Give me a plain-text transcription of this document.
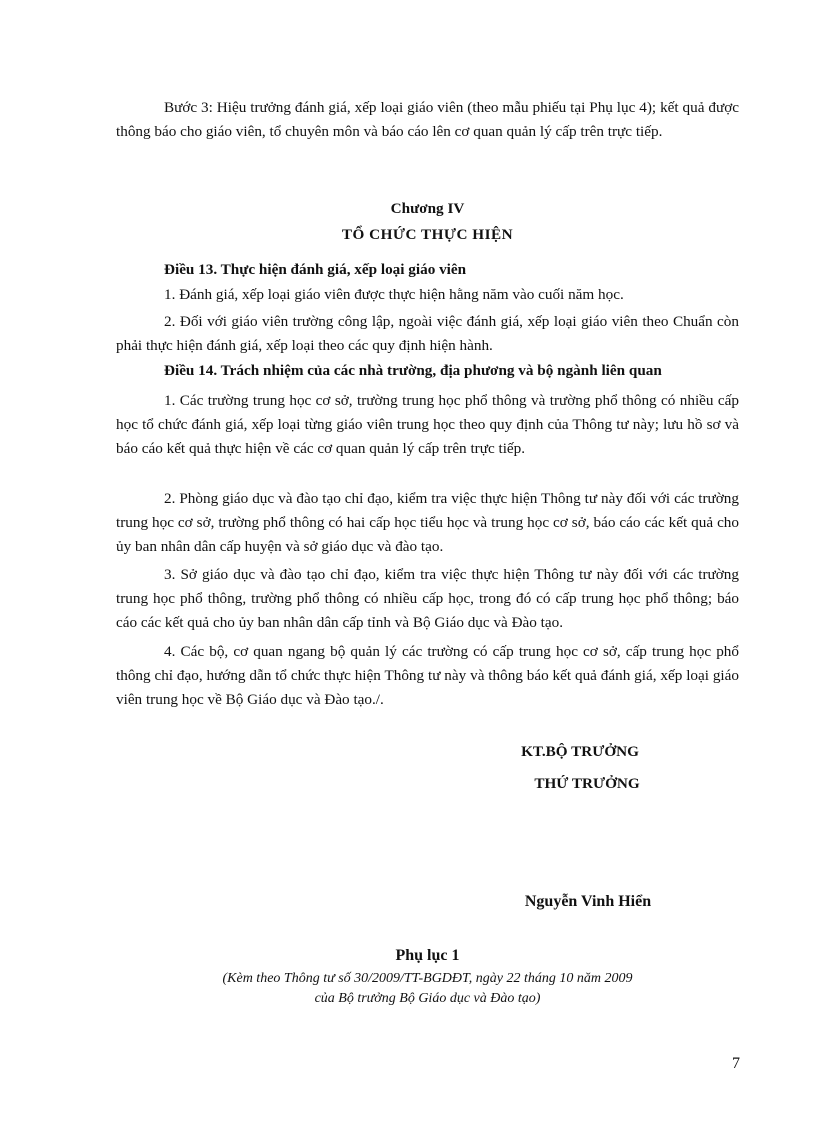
Bước 3: Hiệu trưởng đánh giá, xếp loại giáo viên (theo mẫu phiếu tại Phụ lục 4); kết quả được thông báo cho giáo viên, tổ chuyên môn và báo cáo lên cơ quan quản lý cấp trên trực tiếp.

Chương IV

TỔ CHỨC THỰC HIỆN

Điều 13. Thực hiện đánh giá, xếp loại giáo viên

1. Đánh giá, xếp loại giáo viên được thực hiện hằng năm vào cuối năm học.

2. Đối với giáo viên trường công lập, ngoài việc đánh giá, xếp loại giáo viên theo Chuẩn còn phải thực hiện đánh giá, xếp loại theo các quy định hiện hành.

Điều 14. Trách nhiệm của các nhà trường, địa phương và bộ ngành liên quan

1. Các trường trung học cơ sở, trường trung học phổ thông và trường phổ thông có nhiều cấp học tổ chức đánh giá, xếp loại từng giáo viên trung học theo quy định của Thông tư này; lưu hồ sơ và báo cáo kết quả thực hiện về các cơ quan quản lý cấp trên trực tiếp.

2. Phòng giáo dục và đào tạo chỉ đạo, kiểm tra việc thực hiện Thông tư này đối với các trường trung học cơ sở, trường phổ thông có hai cấp học tiểu học và trung học cơ sở, báo cáo các kết quả cho ủy ban nhân dân cấp huyện và sở giáo dục và đào tạo.

3. Sở giáo dục và đào tạo chỉ đạo, kiểm tra việc thực hiện Thông tư này đối với các trường trung học phổ thông, trường phổ thông có nhiều cấp học, trong đó có cấp trung học phổ thông; báo cáo các kết quả cho ủy ban nhân dân cấp tỉnh và Bộ Giáo dục và Đào tạo.

4. Các bộ, cơ quan ngang bộ quản lý các trường có cấp trung học cơ sở, cấp trung học phổ thông chỉ đạo, hướng dẫn tổ chức thực hiện Thông tư này và thông báo kết quả đánh giá, xếp loại giáo viên trung học về Bộ Giáo dục và Đào tạo./.

KT.BỘ TRƯỞNG

THỨ TRƯỞNG

Nguyễn Vinh Hiển

Phụ lục 1

(Kèm theo Thông tư số 30/2009/TT-BGDĐT, ngày 22 tháng 10 năm 2009

của Bộ trưởng Bộ Giáo dục và Đào tạo)

7
